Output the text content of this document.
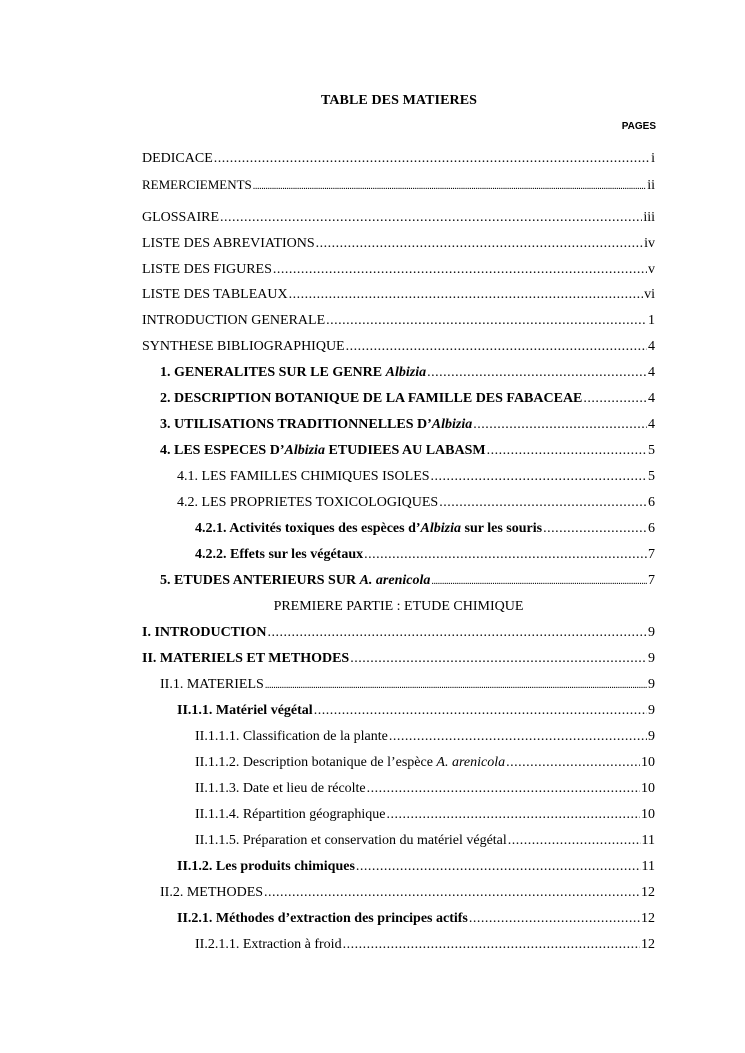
TABLE DES MATIERES
PAGES
DEDICACE .....	i
REMERCIEMENTS .....	ii
GLOSSAIRE .....	iii
LISTE DES ABREVIATIONS .....	iv
LISTE DES FIGURES .....	v
LISTE DES TABLEAUX .....	vi
INTRODUCTION GENERALE .....	1
SYNTHESE BIBLIOGRAPHIQUE .....	4
1. GENERALITES SUR LE GENRE Albizia .....	4
2. DESCRIPTION BOTANIQUE DE LA FAMILLE DES FABACEAE .....	4
3. UTILISATIONS TRADITIONNELLES D’Albizia .....	4
4. LES ESPECES D’Albizia ETUDIEES AU LABASM .....	5
4.1. LES FAMILLES CHIMIQUES ISOLES .....	5
4.2. LES PROPRIETES TOXICOLOGIQUES .....	6
4.2.1. Activités toxiques des espèces d’Albizia sur les souris .....	6
4.2.2. Effets sur les végétaux .....	7
5. ETUDES ANTERIEURS SUR A. arenicola .....	7
PREMIERE PARTIE : ETUDE CHIMIQUE
I. INTRODUCTION .....	9
II. MATERIELS ET METHODES .....	9
II.1. MATERIELS .....	9
II.1.1. Matériel végétal .....	9
II.1.1.1. Classification de la plante .....	9
II.1.1.2. Description botanique de l’espèce A. arenicola .....	10
II.1.1.3. Date et lieu de récolte .....	10
II.1.1.4. Répartition géographique .....	10
II.1.1.5. Préparation et conservation du matériel végétal .....	11
II.1.2. Les produits chimiques .....	11
II.2. METHODES .....	12
II.2.1. Méthodes d’extraction des principes actifs .....	12
II.2.1.1. Extraction à froid .....	12
